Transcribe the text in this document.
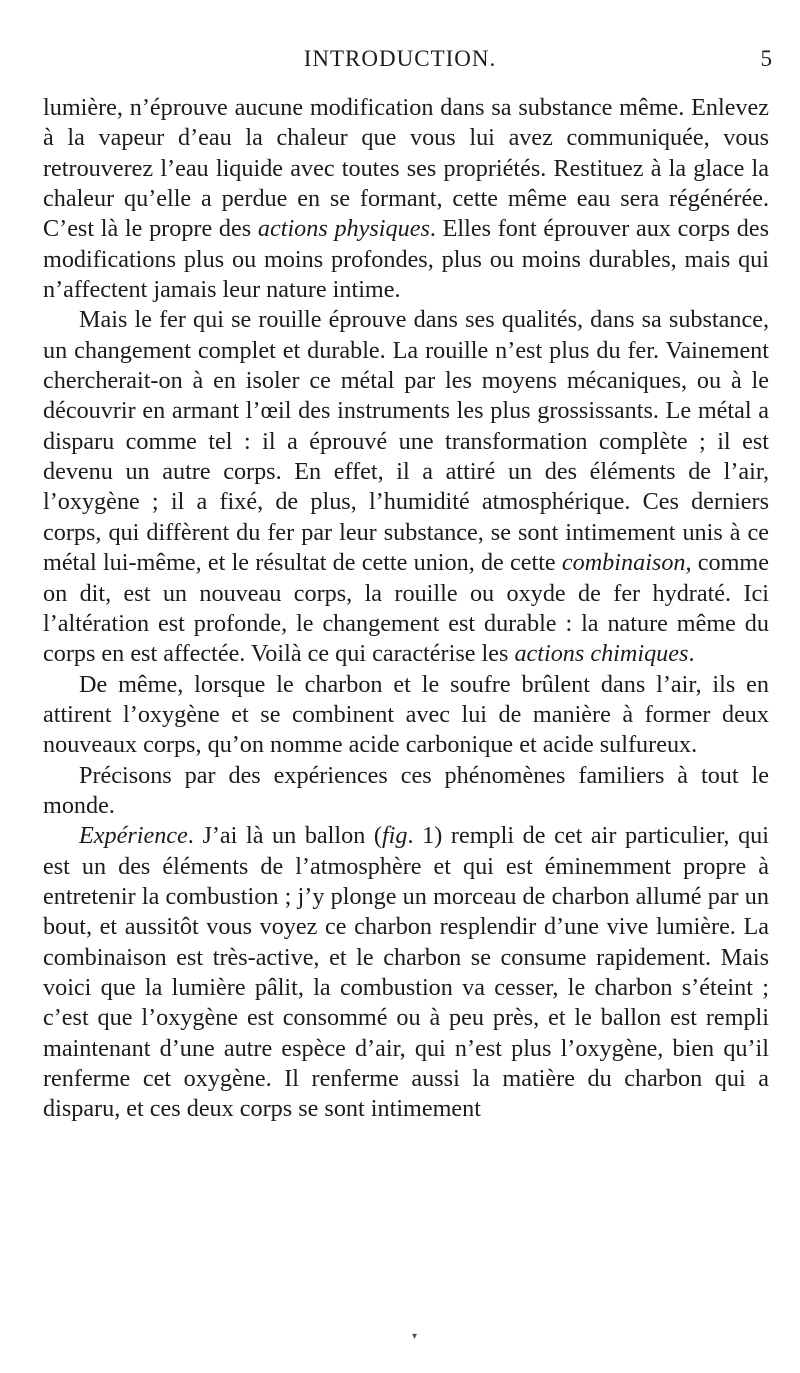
INTRODUCTION.	5

lumière, n’éprouve aucune modification dans sa substance même. Enlevez à la vapeur d’eau la chaleur que vous lui avez communiquée, vous retrouverez l’eau liquide avec toutes ses propriétés. Restituez à la glace la chaleur qu’elle a perdue en se formant, cette même eau sera régénérée. C’est là le propre des actions physiques. Elles font éprouver aux corps des modifications plus ou moins profondes, plus ou moins durables, mais qui n’affectent jamais leur nature intime.

Mais le fer qui se rouille éprouve dans ses qualités, dans sa substance, un changement complet et durable. La rouille n’est plus du fer. Vainement chercherait-on à en isoler ce métal par les moyens mécaniques, ou à le découvrir en armant l’œil des instruments les plus grossissants. Le métal a disparu comme tel : il a éprouvé une transformation complète ; il est devenu un autre corps. En effet, il a attiré un des éléments de l’air, l’oxygène ; il a fixé, de plus, l’humidité atmosphérique. Ces derniers corps, qui diffèrent du fer par leur substance, se sont intimement unis à ce métal lui-même, et le résultat de cette union, de cette combinaison, comme on dit, est un nouveau corps, la rouille ou oxyde de fer hydraté. Ici l’altération est profonde, le changement est durable : la nature même du corps en est affectée. Voilà ce qui caractérise les actions chimiques.

De même, lorsque le charbon et le soufre brûlent dans l’air, ils en attirent l’oxygène et se combinent avec lui de manière à former deux nouveaux corps, qu’on nomme acide carbonique et acide sulfureux.

Précisons par des expériences ces phénomènes familiers à tout le monde.

Expérience. J’ai là un ballon (fig. 1) rempli de cet air particulier, qui est un des éléments de l’atmosphère et qui est éminemment propre à entretenir la combustion ; j’y plonge un morceau de charbon allumé par un bout, et aussitôt vous voyez ce charbon resplendir d’une vive lumière. La combinaison est très-active, et le charbon se consume rapidement. Mais voici que la lumière pâlit, la combustion va cesser, le charbon s’éteint ; c’est que l’oxygène est consommé ou à peu près, et le ballon est rempli maintenant d’une autre espèce d’air, qui n’est plus l’oxygène, bien qu’il renferme cet oxygène. Il renferme aussi la matière du charbon qui a disparu, et ces deux corps se sont intimement

▾
